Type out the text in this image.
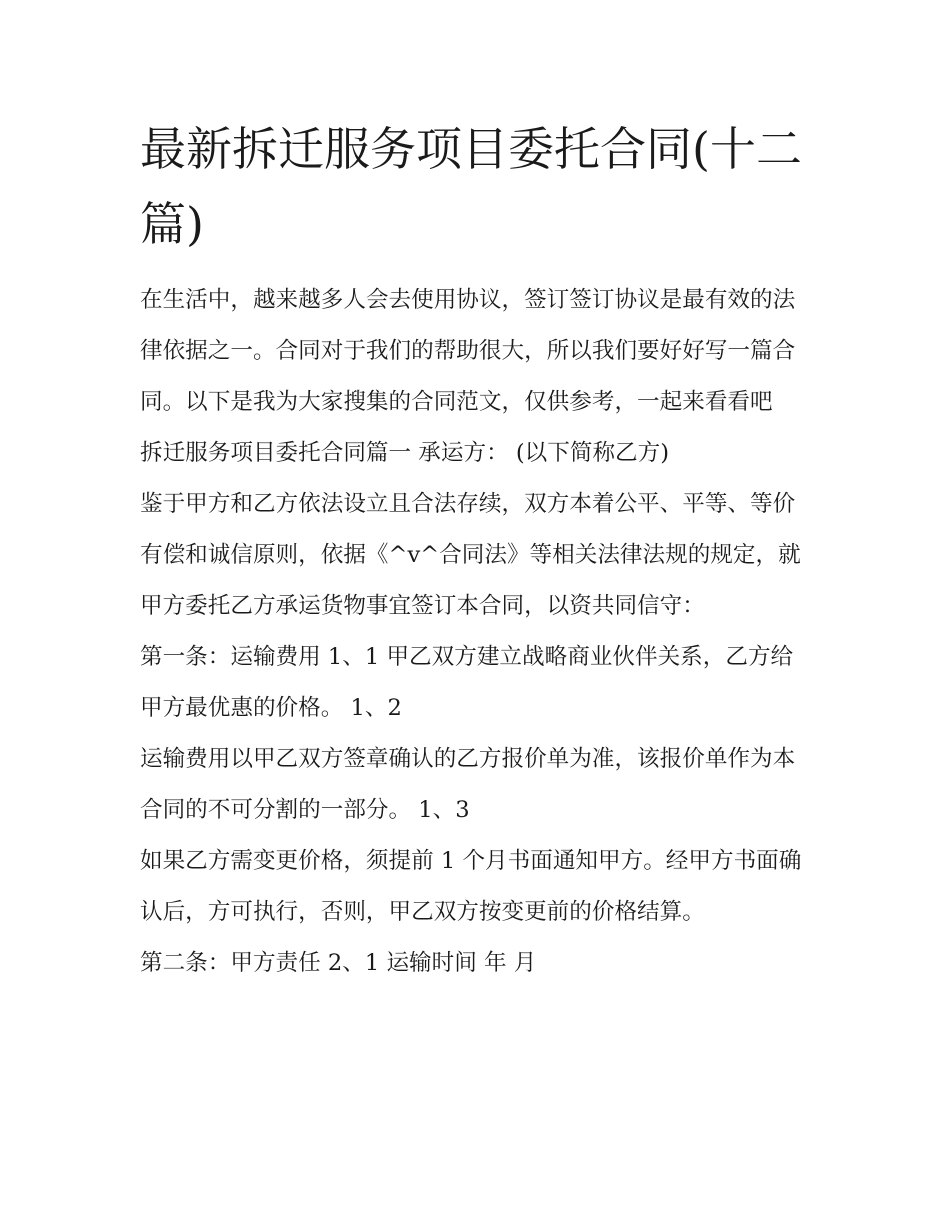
最新拆迁服务项目委托合同(十二篇)

在生活中，越来越多人会去使用协议，签订签订协议是最有效的法律依据之一。合同对于我们的帮助很大，所以我们要好好写一篇合同。以下是我为大家搜集的合同范文，仅供参考，一起来看看吧

拆迁服务项目委托合同篇一 承运方： (以下简称乙方)

鉴于甲方和乙方依法设立且合法存续，双方本着公平、平等、等价有偿和诚信原则，依据《^v^合同法》等相关法律法规的规定，就甲方委托乙方承运货物事宜签订本合同，以资共同信守：

第一条：运输费用 1、1 甲乙双方建立战略商业伙伴关系，乙方给甲方最优惠的价格。 1、2

运输费用以甲乙双方签章确认的乙方报价单为准，该报价单作为本合同的不可分割的一部分。 1、3

如果乙方需变更价格，须提前 1 个月书面通知甲方。经甲方书面确认后，方可执行，否则，甲乙双方按变更前的价格结算。

第二条：甲方责任 2、1 运输时间 年 月
